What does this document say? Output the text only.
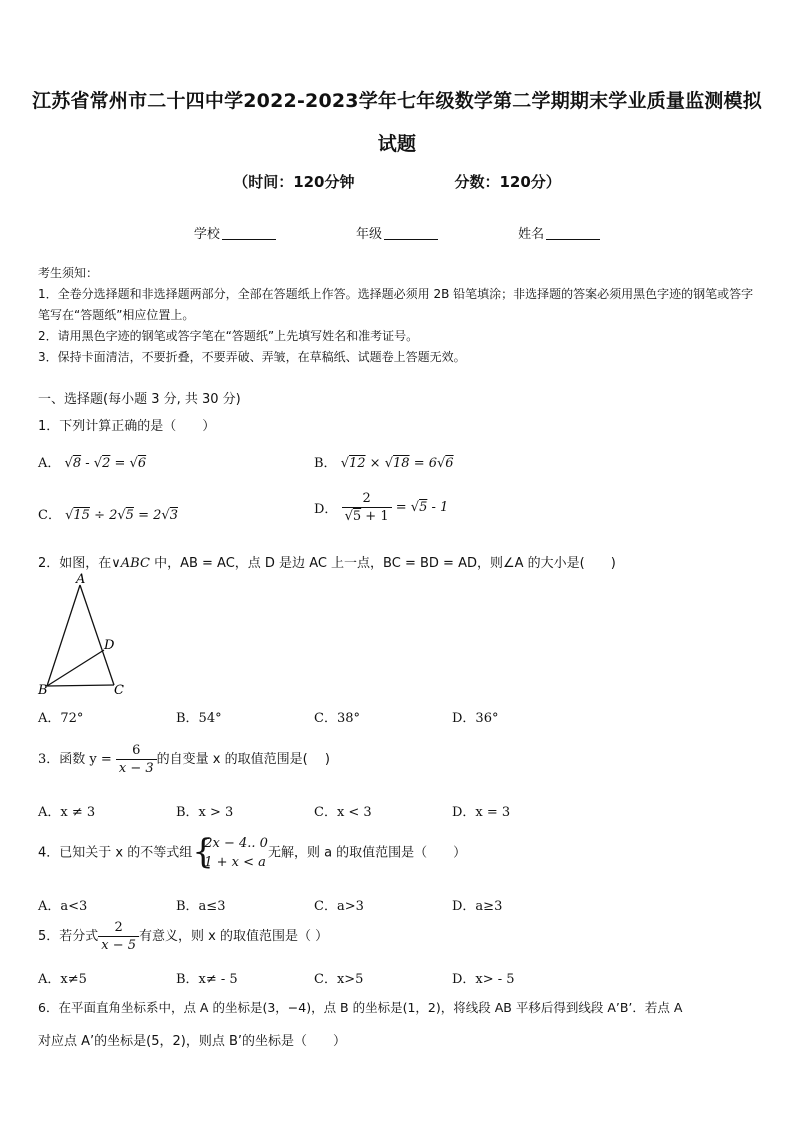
江苏省常州市二十四中学2022-2023学年七年级数学第二学期期末学业质量监测模拟
试题
（时间：120分钟	分数：120分）
学校	年级	姓名
考生须知：

1．全卷分选择题和非选择题两部分，全部在答题纸上作答。选择题必须用 2B 铅笔填涂；非选择题的答案必须用黑色字迹的钢笔或答字笔写在“答题纸”相应位置上。

2．请用黑色字迹的钢笔或答字笔在“答题纸”上先填写姓名和准考证号。

3．保持卡面清洁，不要折叠，不要弄破、弄皱，在草稿纸、试题卷上答题无效。

一、选择题(每小题 3 分, 共 30 分)
1．下列计算正确的是（　　）
A． √8 - √2 = √6	B． √12 × √18 = 6√6
C． √15 ÷ 2√5 = 2√3	D． $\frac{2}{√5 + 1} = √5 - 1$
2．如图，在∨ABC 中，AB = AC，点 D 是边 AC 上一点，BC = BD = AD，则∠A 的大小是(　　)
A
B	C
D
A．72°	B．54°	C．38°	D．36°
3．函数 $y = \frac{6}{x - 3}$ 的自变量 x 的取值范围是(　 )
A．x ≠ 3	B．x > 3	C．x < 3	D．x = 3
4．已知关于 x 的不等式组 {
2x − 4.. 0
1 + x < a
无解，则 a 的取值范围是（　　）
A．a<3	B．a≤3	C．a>3	D．a≥3
5．若分式 $\frac{2}{x - 5}$ 有意义，则 x 的取值范围是（ ）
A．x≠5	B．x≠ - 5	C．x>5	D．x> - 5
6．在平面直角坐标系中，点 A 的坐标是(3，−4)，点 B 的坐标是(1，2)，将线段 AB 平移后得到线段 A’B’．若点 A
对应点 A’的坐标是(5，2)，则点 B’的坐标是（　　）
